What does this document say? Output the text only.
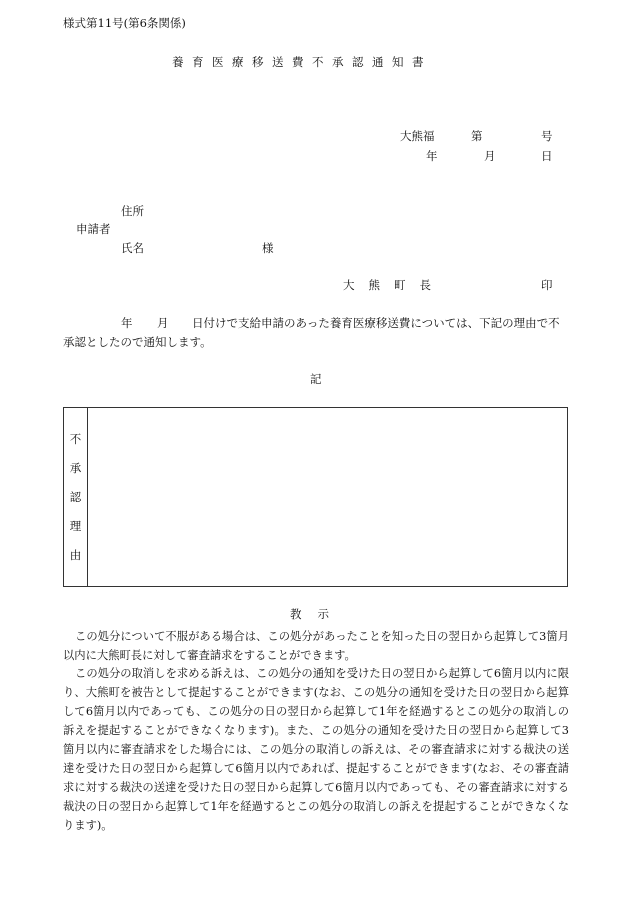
様式第11号(第6条関係)
養育医療移送費不承認通知書
大熊福	第	号
年	月	日
住所
申請者
氏名	様
大熊町長	印
年 月 日付けで支給申請のあった養育医療移送費については、下記の理由で不
承認としたので通知します。
記
不
承
認
理
由
教示
この処分について不服がある場合は、この処分があったことを知った日の翌日から起算して3箇月以内に大熊町長に対して審査請求をすることができます。
この処分の取消しを求める訴えは、この処分の通知を受けた日の翌日から起算して6箇月以内に限り、大熊町を被告として提起することができます(なお、この処分の通知を受けた日の翌日から起算して6箇月以内であっても、この処分の日の翌日から起算して1年を経過するとこの処分の取消しの訴えを提起することができなくなります)。また、この処分の通知を受けた日の翌日から起算して3箇月以内に審査請求をした場合には、この処分の取消しの訴えは、その審査請求に対する裁決の送達を受けた日の翌日から起算して6箇月以内であれば、提起することができます(なお、その審査請求に対する裁決の送達を受けた日の翌日から起算して6箇月以内であっても、その審査請求に対する裁決の日の翌日から起算して1年を経過するとこの処分の取消しの訴えを提起することができなくなります)。
